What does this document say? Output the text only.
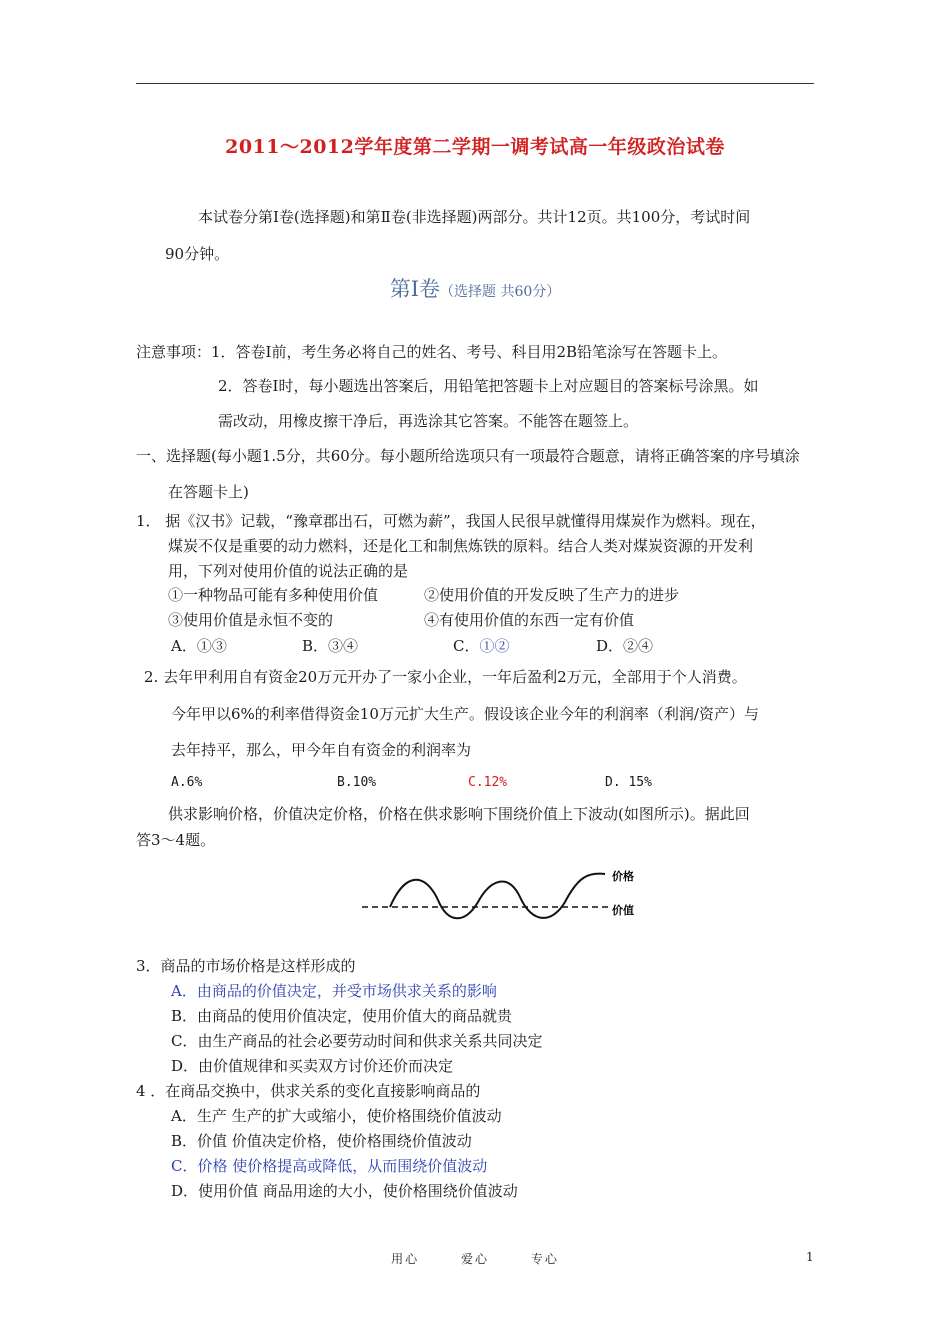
2011～2012学年度第二学期一调考试高一年级政治试卷
本试卷分第Ⅰ卷(选择题)和第Ⅱ卷(非选择题)两部分。共计12页。共100分，考试时间
90分钟。
第Ⅰ卷（选择题 共60分）
注意事项：1．答卷Ⅰ前，考生务必将自己的姓名、考号、科目用2B铅笔涂写在答题卡上。
2．答卷Ⅰ时，每小题选出答案后，用铅笔把答题卡上对应题目的答案标号涂黑。如
需改动，用橡皮擦干净后，再选涂其它答案。不能答在题签上。
一、选择题(每小题1.5分，共60分。每小题所给选项只有一项最符合题意，请将正确答案的序号填涂
在答题卡上)
1． 据《汉书》记载，“豫章郡出石，可燃为薪”，我国人民很早就懂得用煤炭作为燃料。现在，
煤炭不仅是重要的动力燃料，还是化工和制焦炼铁的原料。结合人类对煤炭资源的开发利
用，下列对使用价值的说法正确的是
①一种物品可能有多种使用价值	②使用价值的开发反映了生产力的进步
③使用价值是永恒不变的	④有使用价值的东西一定有价值
A．①③	B．③④	C．①②	D．②④
2. 去年甲利用自有资金20万元开办了一家小企业，一年后盈利2万元，全部用于个人消费。
今年甲以6%的利率借得资金10万元扩大生产。假设该企业今年的利润率（利润/资产）与
去年持平，那么，甲今年自有资金的利润率为
A.6%	B.10%	C.12%	D. 15%
供求影响价格，价值决定价格，价格在供求影响下围绕价值上下波动(如图所示)。据此回
答3～4题。
价格
价值
3．商品的市场价格是这样形成的
A．由商品的价值决定，并受市场供求关系的影响
B．由商品的使用价值决定，使用价值大的商品就贵
C．由生产商品的社会必要劳动时间和供求关系共同决定
D．由价值规律和买卖双方讨价还价而决定
4 ．在商品交换中，供求关系的变化直接影响商品的
A．生产 生产的扩大或缩小，使价格围绕价值波动
B．价值 价值决定价格，使价格围绕价值波动
C．价格 使价格提高或降低，从而围绕价值波动
D．使用价值 商品用途的大小，使价格围绕价值波动
用心	爱心	专心	1
